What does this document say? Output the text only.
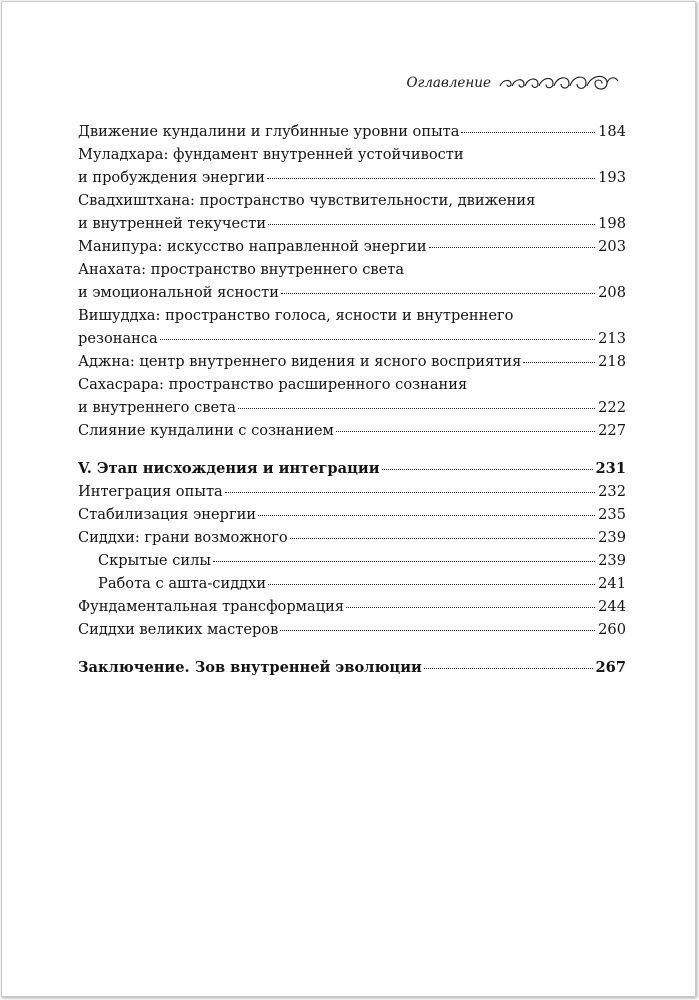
Оглавление
Движение кундалини и глубинные уровни опыта	184
Муладхара: фундамент внутренней устойчивости
и пробуждения энергии	193
Свадхиштхана: пространство чувствительности, движения
и внутренней текучести	198
Манипура: искусство направленной энергии	203
Анахата: пространство внутреннего света
и эмоциональной ясности	208
Вишуддха: пространство голоса, ясности и внутреннего
резонанса	213
Аджна: центр внутреннего видения и ясного восприятия	218
Сахасрара: пространство расширенного сознания
и внутреннего света	222
Слияние кундалини с сознанием	227
V. Этап нисхождения и интеграции	231
Интеграция опыта	232
Стабилизация энергии	235
Сиддхи: грани возможного	239
Скрытые силы	239
Работа с ашта-сиддхи	241
Фундаментальная трансформация	244
Сиддхи великих мастеров	260
Заключение. Зов внутренней эволюции	267
